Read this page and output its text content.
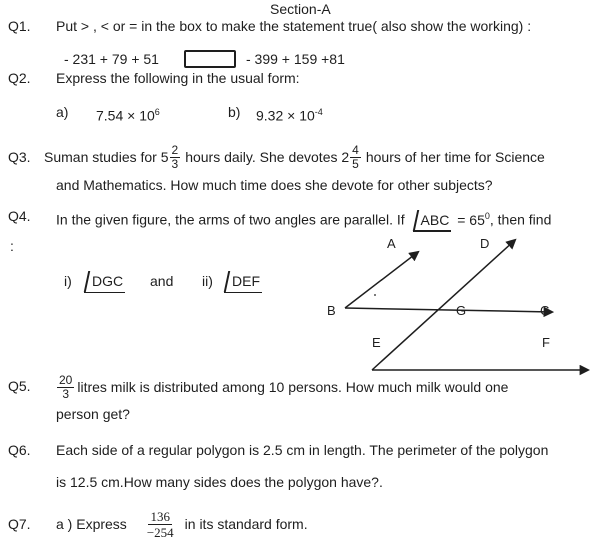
Section-A
Q1. Put > , < or = in the box to make the statement true( also show the working) :
- 231 + 79 + 51	- 399 + 159 +81
Q2. Express the following in the usual form:
a) $7.54 \times 10^6$	b) $9.32 \times 10^{-4}$
Q3. Suman studies for $5 \frac{2}{3}$ hours daily. She devotes $2 \frac{4}{5}$ hours of her time for Science
and Mathematics. How much time does she devote for other subjects?
Q4. In the given figure, the arms of two angles are parallel. If ABC = $65^0$, then find
:
i)	DGC and ii)	DEF
A	D
B	G	C
E	F
Q5. $\frac{20}{3}$ litres milk is distributed among 10 persons. How much milk would one
person get?
Q6. Each side of a regular polygon is 2.5 cm in length. The perimeter of the polygon
is 12.5 cm.How many sides does the polygon have?.
Q7. a ) Express $\frac{136}{-254}$ in its standard form.
